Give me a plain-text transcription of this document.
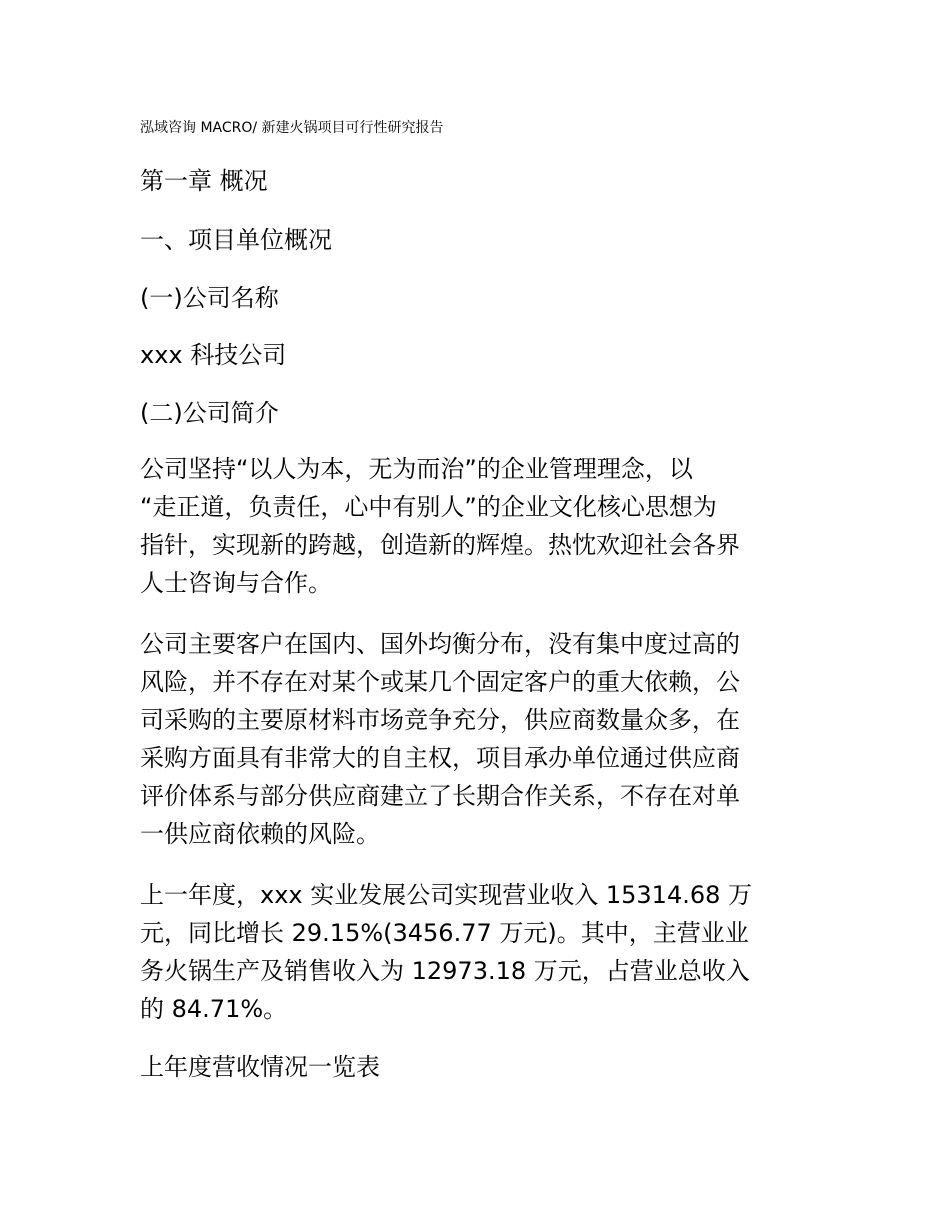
泓域咨询 MACRO/ 新建火锅项目可行性研究报告
第一章 概况
一、项目单位概况
(一)公司名称
xxx 科技公司
(二)公司简介
公司坚持“以人为本，无为而治”的企业管理理念，以
“走正道，负责任，心中有别人”的企业文化核心思想为
指针，实现新的跨越，创造新的辉煌。热忱欢迎社会各界
人士咨询与合作。
公司主要客户在国内、国外均衡分布，没有集中度过高的
风险，并不存在对某个或某几个固定客户的重大依赖，公
司采购的主要原材料市场竞争充分，供应商数量众多，在
采购方面具有非常大的自主权，项目承办单位通过供应商
评价体系与部分供应商建立了长期合作关系，不存在对单
一供应商依赖的风险。
上一年度，xxx 实业发展公司实现营业收入 15314.68 万
元，同比增长 29.15%(3456.77 万元)。其中，主营业业
务火锅生产及销售收入为 12973.18 万元，占营业总收入
的 84.71%。
上年度营收情况一览表
